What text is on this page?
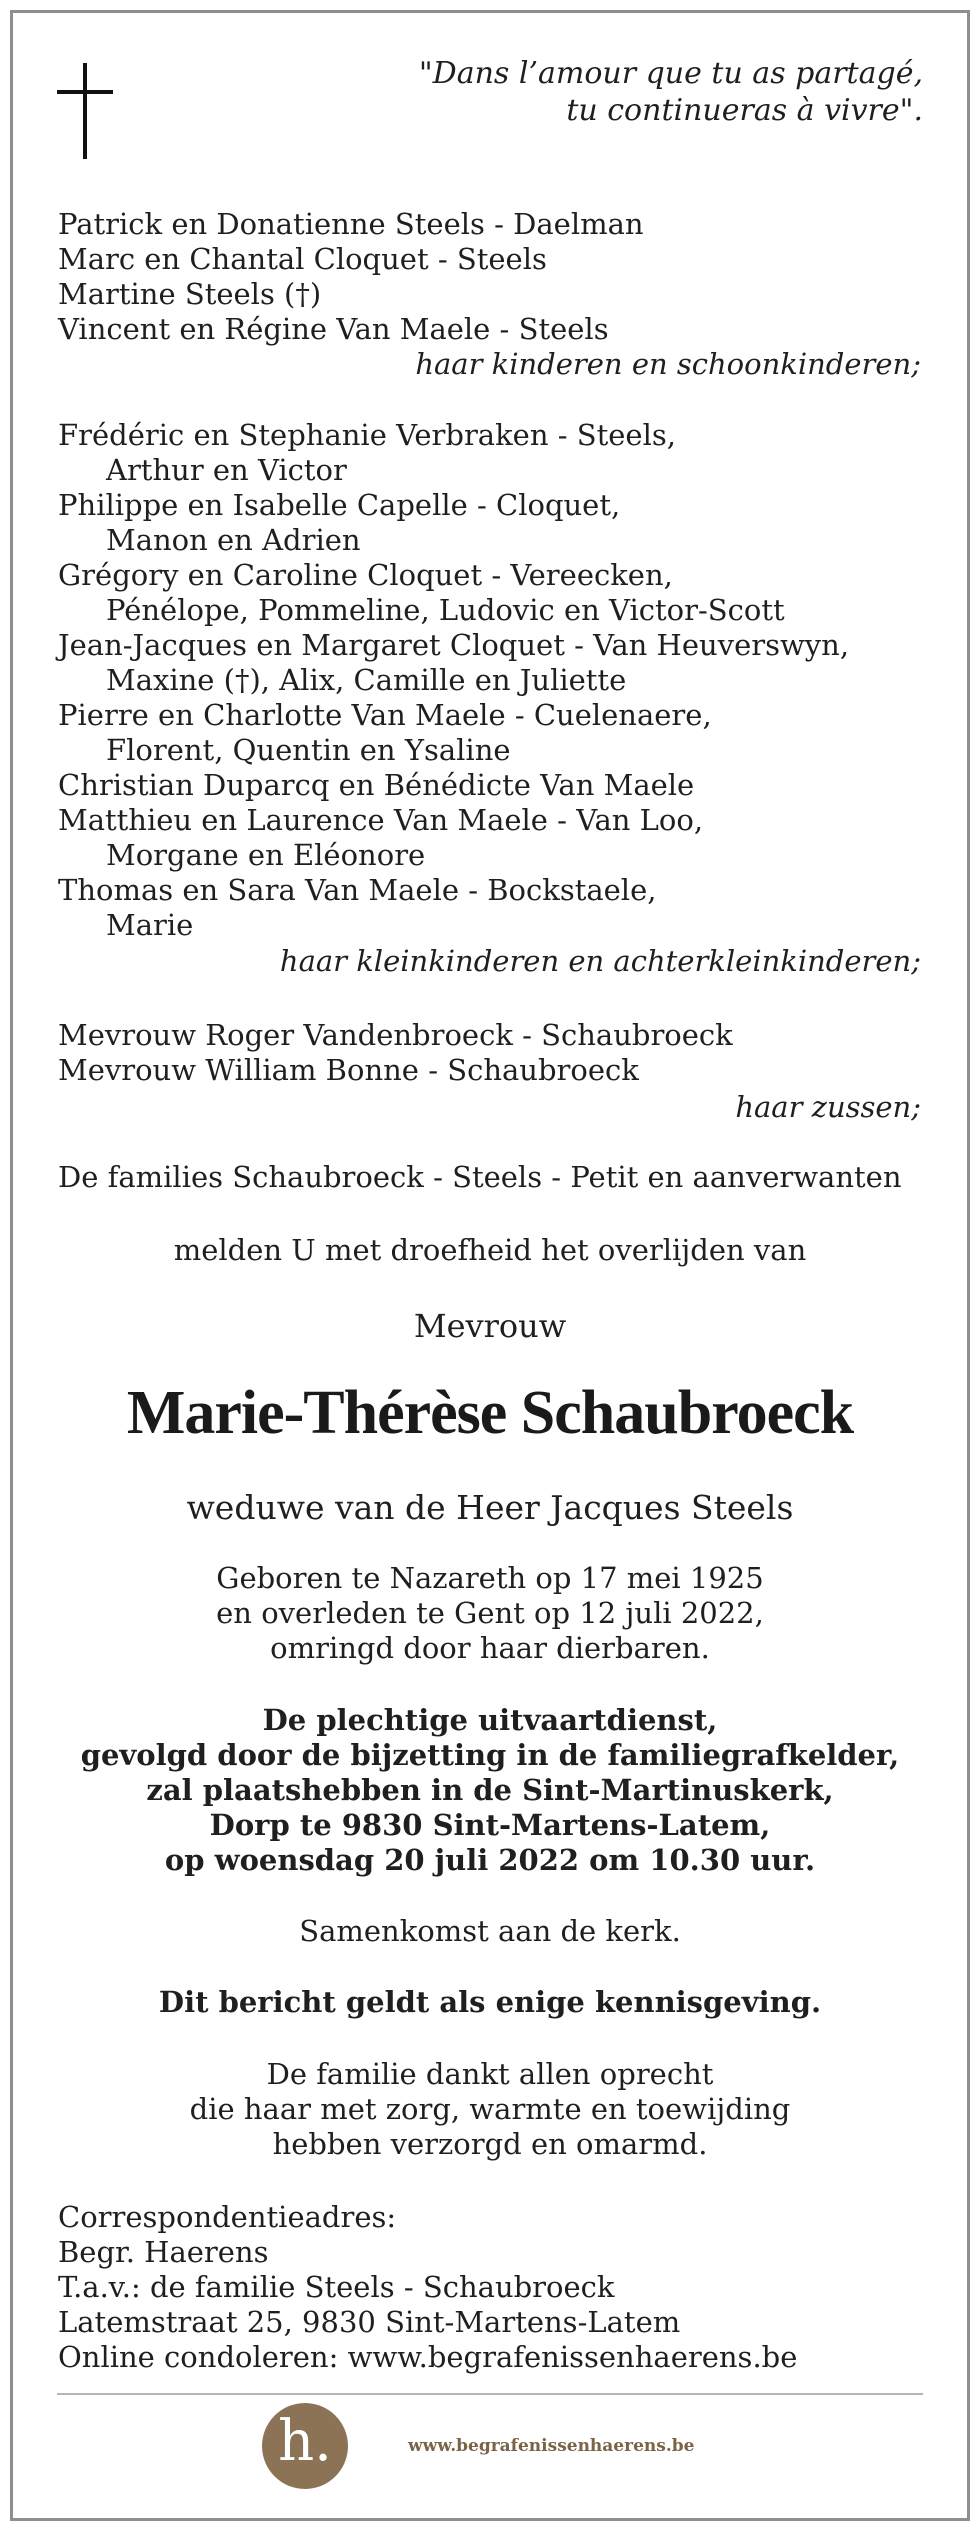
"Dans l’amour que tu as partagé,
tu continueras à vivre".
Patrick en Donatienne Steels - Daelman
Marc en Chantal Cloquet - Steels
Martine Steels (†)
Vincent en Régine Van Maele - Steels
haar kinderen en schoonkinderen;
Frédéric en Stephanie Verbraken - Steels,
Arthur en Victor
Philippe en Isabelle Capelle - Cloquet,
Manon en Adrien
Grégory en Caroline Cloquet - Vereecken,
Pénélope, Pommeline, Ludovic en Victor-Scott
Jean-Jacques en Margaret Cloquet - Van Heuverswyn,
Maxine (†), Alix, Camille en Juliette
Pierre en Charlotte Van Maele - Cuelenaere,
Florent, Quentin en Ysaline
Christian Duparcq en Bénédicte Van Maele
Matthieu en Laurence Van Maele - Van Loo,
Morgane en Eléonore
Thomas en Sara Van Maele - Bockstaele,
Marie
haar kleinkinderen en achterkleinkinderen;
Mevrouw Roger Vandenbroeck - Schaubroeck
Mevrouw William Bonne - Schaubroeck
haar zussen;
De families Schaubroeck - Steels - Petit en aanverwanten
melden U met droefheid het overlijden van
Mevrouw
Marie-Thérèse Schaubroeck
weduwe van de Heer Jacques Steels
Geboren te Nazareth op 17 mei 1925
en overleden te Gent op 12 juli 2022,
omringd door haar dierbaren.
De plechtige uitvaartdienst,
gevolgd door de bijzetting in de familiegrafkelder,
zal plaatshebben in de Sint-Martinuskerk,
Dorp te 9830 Sint-Martens-Latem,
op woensdag 20 juli 2022 om 10.30 uur.
Samenkomst aan de kerk.
Dit bericht geldt als enige kennisgeving.
De familie dankt allen oprecht
die haar met zorg, warmte en toewijding
hebben verzorgd en omarmd.
Correspondentieadres:
Begr. Haerens
T.a.v.: de familie Steels - Schaubroeck
Latemstraat 25, 9830 Sint-Martens-Latem
Online condoleren: www.begrafenissenhaerens.be
h.	www.begrafenissenhaerens.be
